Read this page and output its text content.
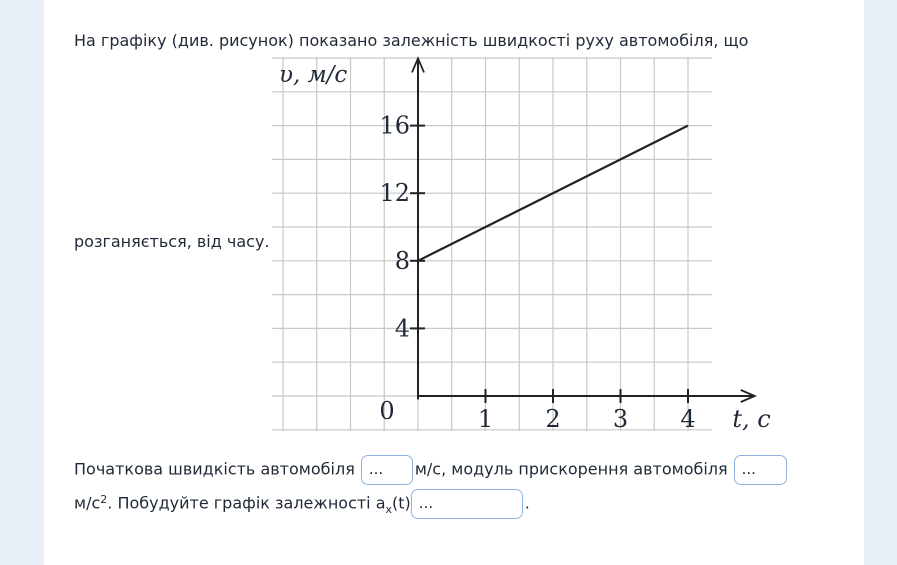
На графіку (див. рисунок) показано залежність швидкості руху автомобіля, що
розганяється, від часу.
1 2 3 4
4
8
12
16
0
υ, м/с
t, с
Початкова швидкість автомобіля ... м/с, модуль прискорення автомобіля ...
$м/с^2$. Побудуйте графік залежності $a_x(t)$ ...	.
